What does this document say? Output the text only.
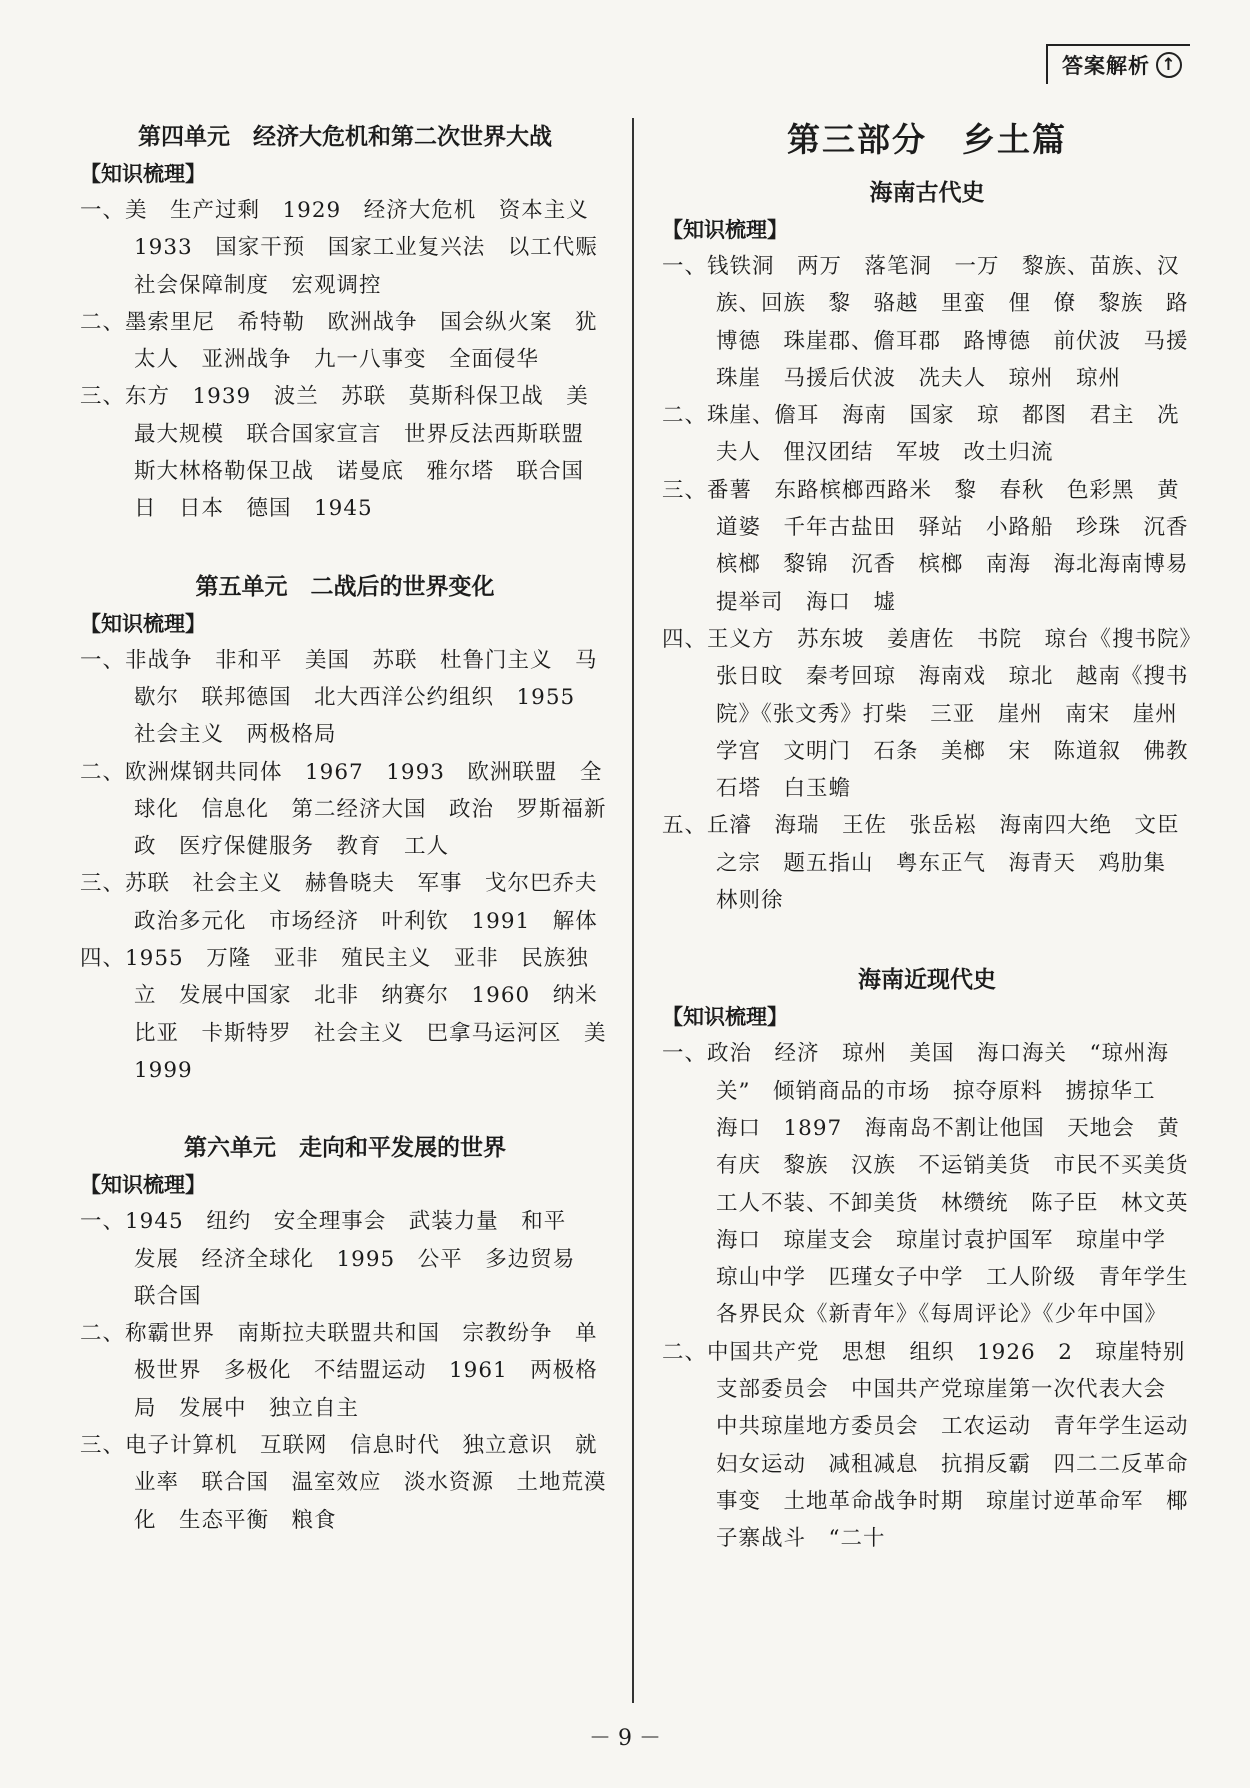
答案解析 ↑
第四单元　经济大危机和第二次世界大战
【知识梳理】
一、美　生产过剩　1929　经济大危机　资本主义　1933　国家干预　国家工业复兴法　以工代赈　社会保障制度　宏观调控
二、墨索里尼　希特勒　欧洲战争　国会纵火案　犹太人　亚洲战争　九一八事变　全面侵华
三、东方　1939　波兰　苏联　莫斯科保卫战　美　最大规模　联合国家宣言　世界反法西斯联盟　斯大林格勒保卫战　诺曼底　雅尔塔　联合国　日　日本　德国　1945
第五单元　二战后的世界变化
【知识梳理】
一、非战争　非和平　美国　苏联　杜鲁门主义　马歇尔　联邦德国　北大西洋公约组织　1955　社会主义　两极格局
二、欧洲煤钢共同体　1967　1993　欧洲联盟　全球化　信息化　第二经济大国　政治　罗斯福新政　医疗保健服务　教育　工人
三、苏联　社会主义　赫鲁晓夫　军事　戈尔巴乔夫　政治多元化　市场经济　叶利钦　1991　解体
四、1955　万隆　亚非　殖民主义　亚非　民族独立　发展中国家　北非　纳赛尔　1960　纳米比亚　卡斯特罗　社会主义　巴拿马运河区　美　1999
第六单元　走向和平发展的世界
【知识梳理】
一、1945　纽约　安全理事会　武装力量　和平　发展　经济全球化　1995　公平　多边贸易　联合国
二、称霸世界　南斯拉夫联盟共和国　宗教纷争　单极世界　多极化　不结盟运动　1961　两极格局　发展中　独立自主
三、电子计算机　互联网　信息时代　独立意识　就业率　联合国　温室效应　淡水资源　土地荒漠化　生态平衡　粮食
第三部分　乡土篇
海南古代史
【知识梳理】
一、钱铁洞　两万　落笔洞　一万　黎族、苗族、汉族、回族　黎　骆越　里蛮　俚　僚　黎族　路博德　珠崖郡、儋耳郡　路博德　前伏波　马援　珠崖　马援后伏波　冼夫人　琼州　琼州
二、珠崖、儋耳　海南　国家　琼　都图　君主　冼夫人　俚汉团结　军坡　改土归流
三、番薯　东路槟榔西路米　黎　春秋　色彩黑　黄道婆　千年古盐田　驿站　小路船　珍珠　沉香　槟榔　黎锦　沉香　槟榔　南海　海北海南博易提举司　海口　墟
四、王义方　苏东坡　姜唐佐　书院　琼台《搜书院》张日旼　秦考回琼　海南戏　琼北　越南《搜书院》《张文秀》打柴　三亚　崖州　南宋　崖州学宫　文明门　石条　美榔　宋　陈道叙　佛教石塔　白玉蟾
五、丘濬　海瑞　王佐　张岳崧　海南四大绝　文臣之宗　题五指山　粤东正气　海青天　鸡肋集　林则徐
海南近现代史
【知识梳理】
一、政治　经济　琼州　美国　海口海关　“琼州海关”　倾销商品的市场　掠夺原料　掳掠华工　海口　1897　海南岛不割让他国　天地会　黄有庆　黎族　汉族　不运销美货　市民不买美货　工人不装、不卸美货　林缵统　陈子臣　林文英　海口　琼崖支会　琼崖讨袁护国军　琼崖中学　琼山中学　匹瑾女子中学　工人阶级　青年学生　各界民众《新青年》《每周评论》《少年中国》
二、中国共产党　思想　组织　1926　2　琼崖特别支部委员会　中国共产党琼崖第一次代表大会　中共琼崖地方委员会　工农运动　青年学生运动　妇女运动　减租减息　抗捐反霸　四二二反革命事变　土地革命战争时期　琼崖讨逆革命军　椰子寨战斗　“二十
－ 9 －
